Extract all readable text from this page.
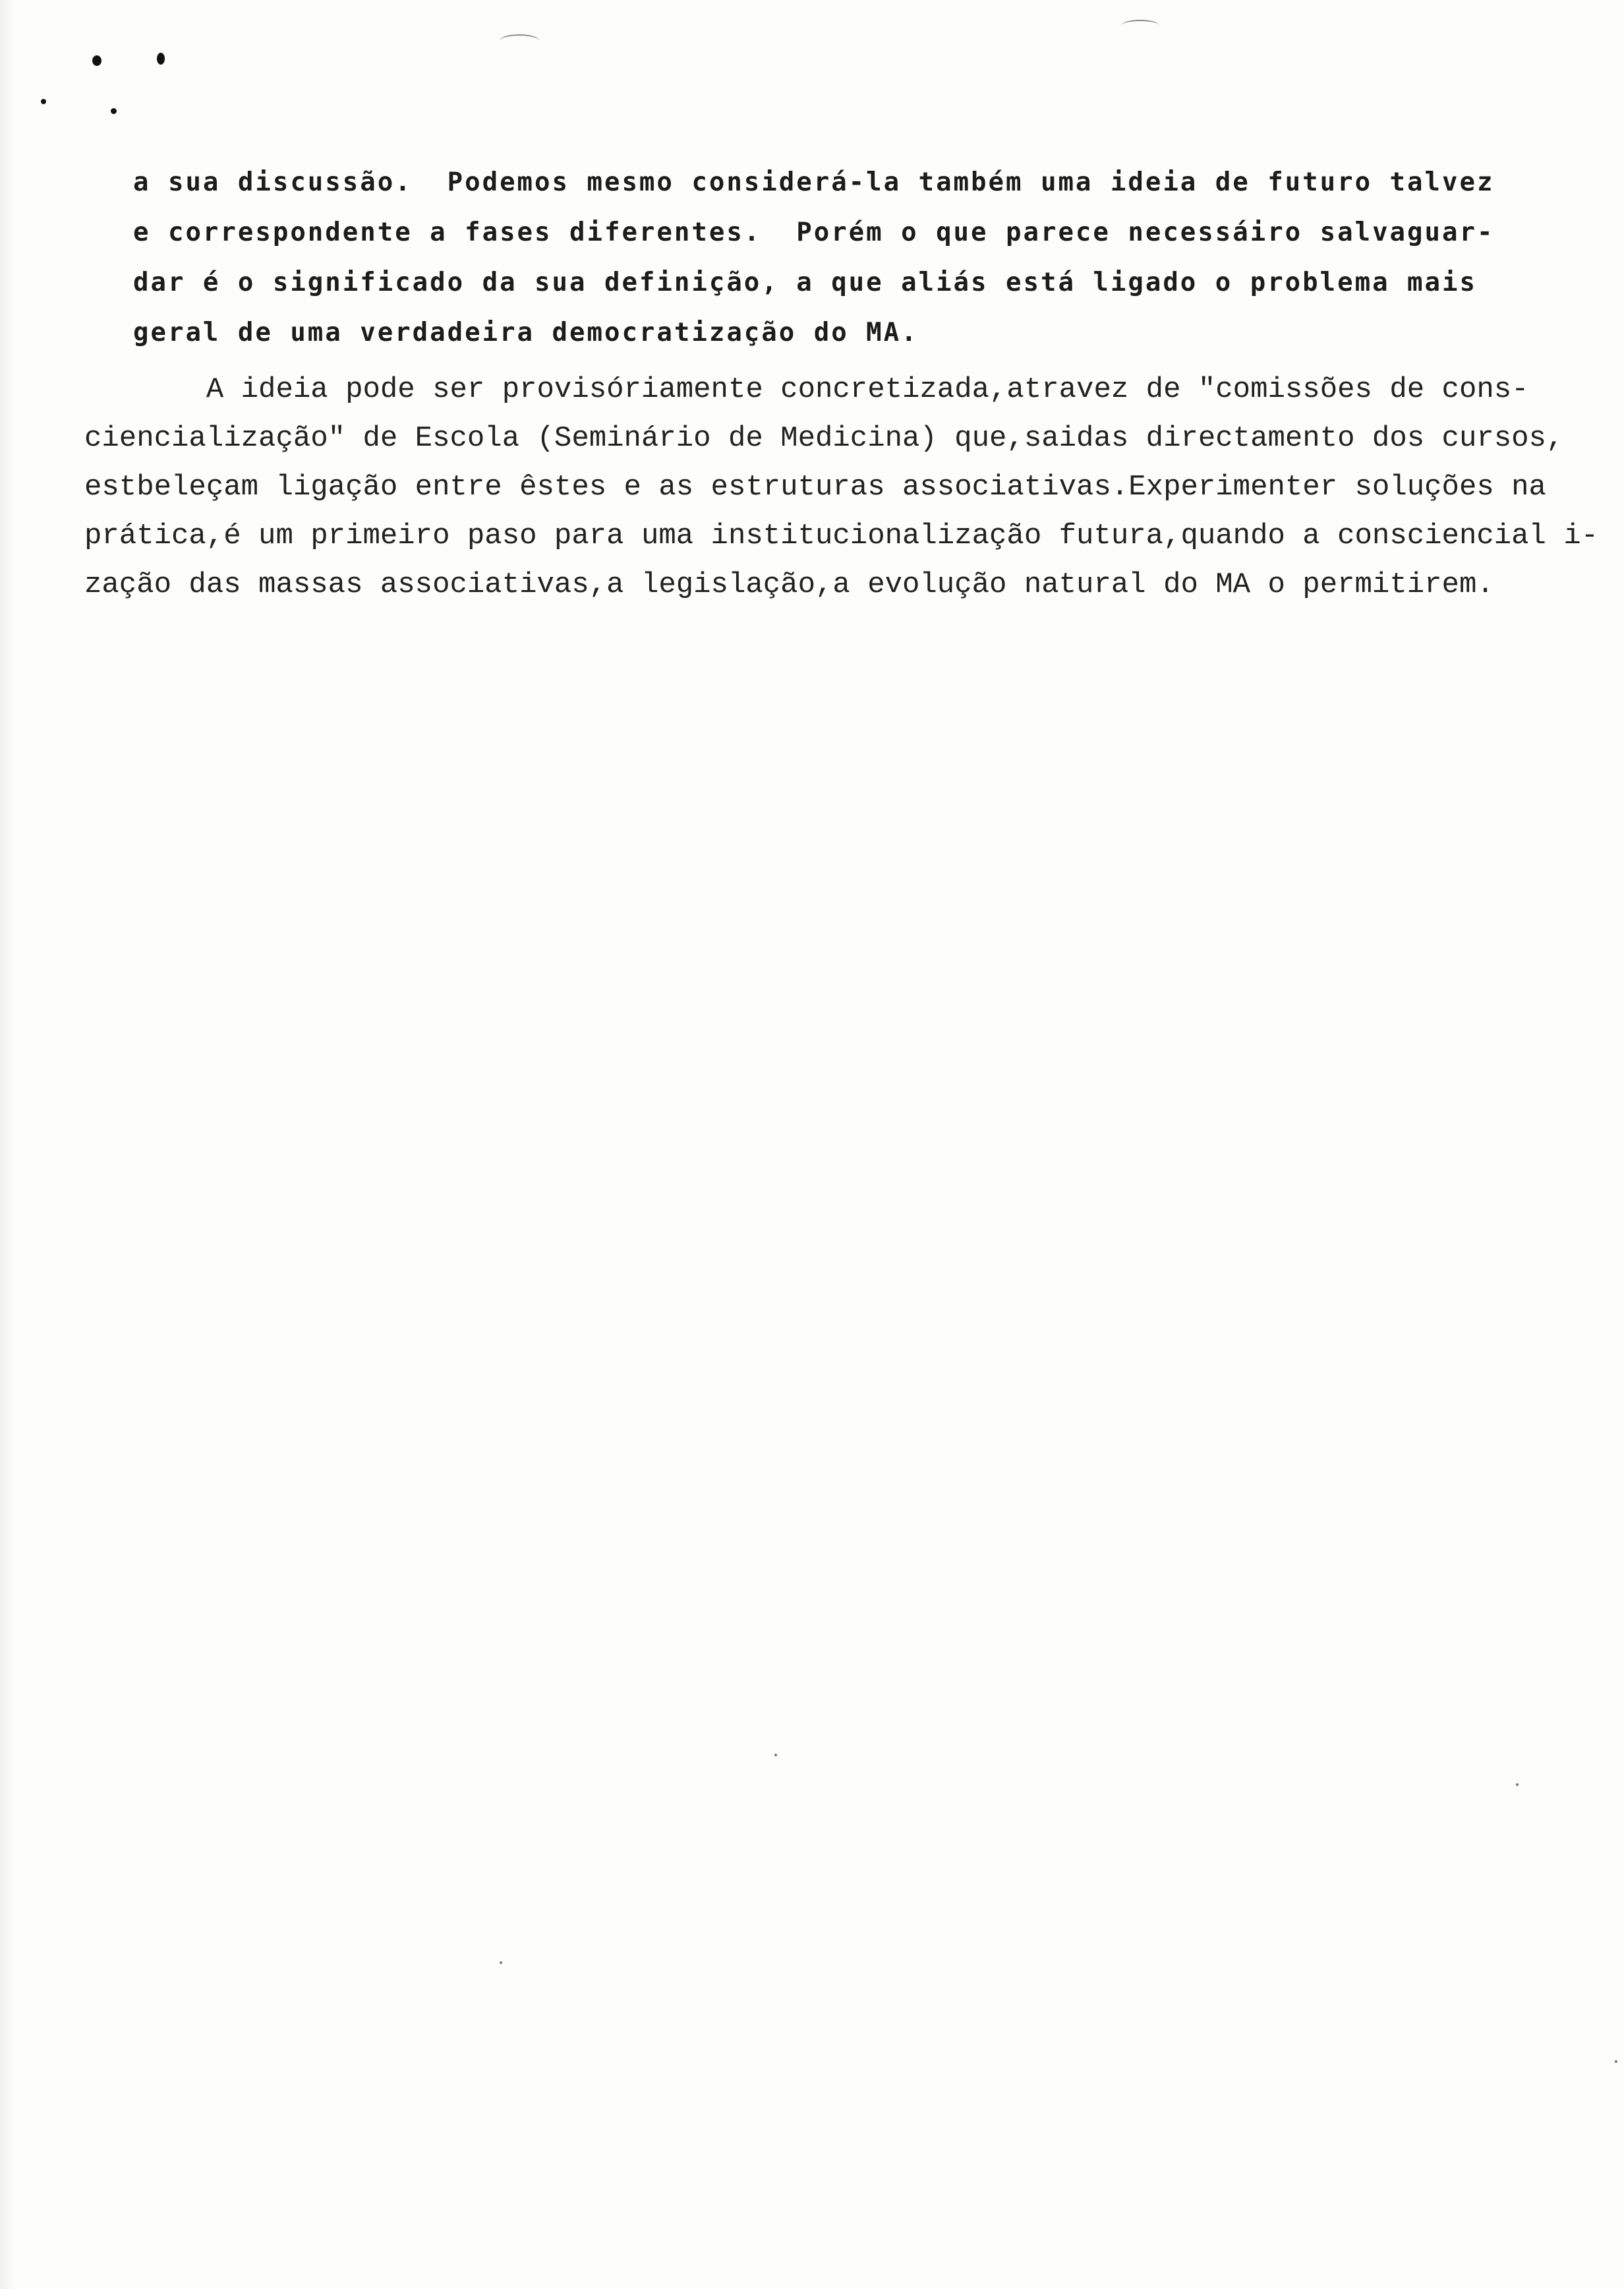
a sua discussão.  Podemos mesmo considerá-la também uma ideia de futuro talvez
e correspondente a fases diferentes.  Porém o que parece necessáiro salvaguar-
dar é o significado da sua definição, a que aliás está ligado o problema mais
geral de uma verdadeira democratização do MA.
A ideia pode ser provisóriamente concretizada,atravez de "comissões de cons-
ciencialização" de Escola (Seminário de Medicina) que,saidas directamento dos cursos,
estbeleçam ligação entre êstes e as estruturas associativas.Experimenter soluções na
prática,é um primeiro paso para uma institucionalização futura,quando a consciencial i-
zação das massas associativas,a legislação,a evolução natural do MA o permitirem.
